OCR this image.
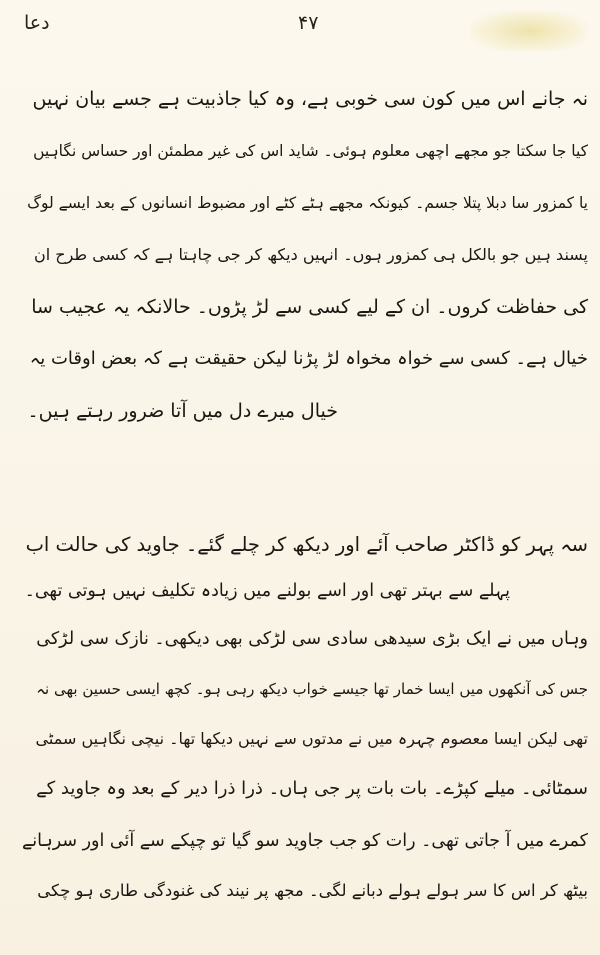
دعا	۴۷
نہ جانے اس میں کون سی خوبی ہے، وہ کیا جاذبیت ہے جسے بیان نہیں
کیا جا سکتا جو مجھے اچھی معلوم ہوئی۔ شاید اس کی غیر مطمئن اور حساس نگاہیں
یا کمزور سا دبلا پتلا جسم۔ کیونکہ مجھے ہٹے کٹے اور مضبوط انسانوں کے بعد ایسے لوگ
پسند ہیں جو بالکل ہی کمزور ہوں۔ انہیں دیکھ کر جی چاہتا ہے کہ کسی طرح ان
کی حفاظت کروں۔ ان کے لیے کسی سے لڑ پڑوں۔ حالانکہ یہ عجیب سا
خیال ہے۔ کسی سے خواہ مخواہ لڑ پڑنا لیکن حقیقت ہے کہ بعض اوقات یہ
خیال میرے دل میں آتا ضرور رہتے ہیں۔
سہ پہر کو ڈاکٹر صاحب آئے اور دیکھ کر چلے گئے۔ جاوید کی حالت اب
پہلے سے بہتر تھی اور اسے بولنے میں زیادہ تکلیف نہیں ہوتی تھی۔
وہاں میں نے ایک بڑی سیدھی سادی سی لڑکی بھی دیکھی۔ نازک سی لڑکی
جس کی آنکھوں میں ایسا خمار تھا جیسے خواب دیکھ رہی ہو۔ کچھ ایسی حسین بھی نہ
تھی لیکن ایسا معصوم چہرہ میں نے مدتوں سے نہیں دیکھا تھا۔ نیچی نگاہیں سمٹی
سمٹائی۔ میلے کپڑے۔ بات بات پر جی ہاں۔ ذرا ذرا دیر کے بعد وہ جاوید کے
کمرے میں آ جاتی تھی۔ رات کو جب جاوید سو گیا تو چپکے سے آئی اور سرہانے
بیٹھ کر اس کا سر ہولے ہولے دبانے لگی۔ مجھ پر نیند کی غنودگی طاری ہو چکی
